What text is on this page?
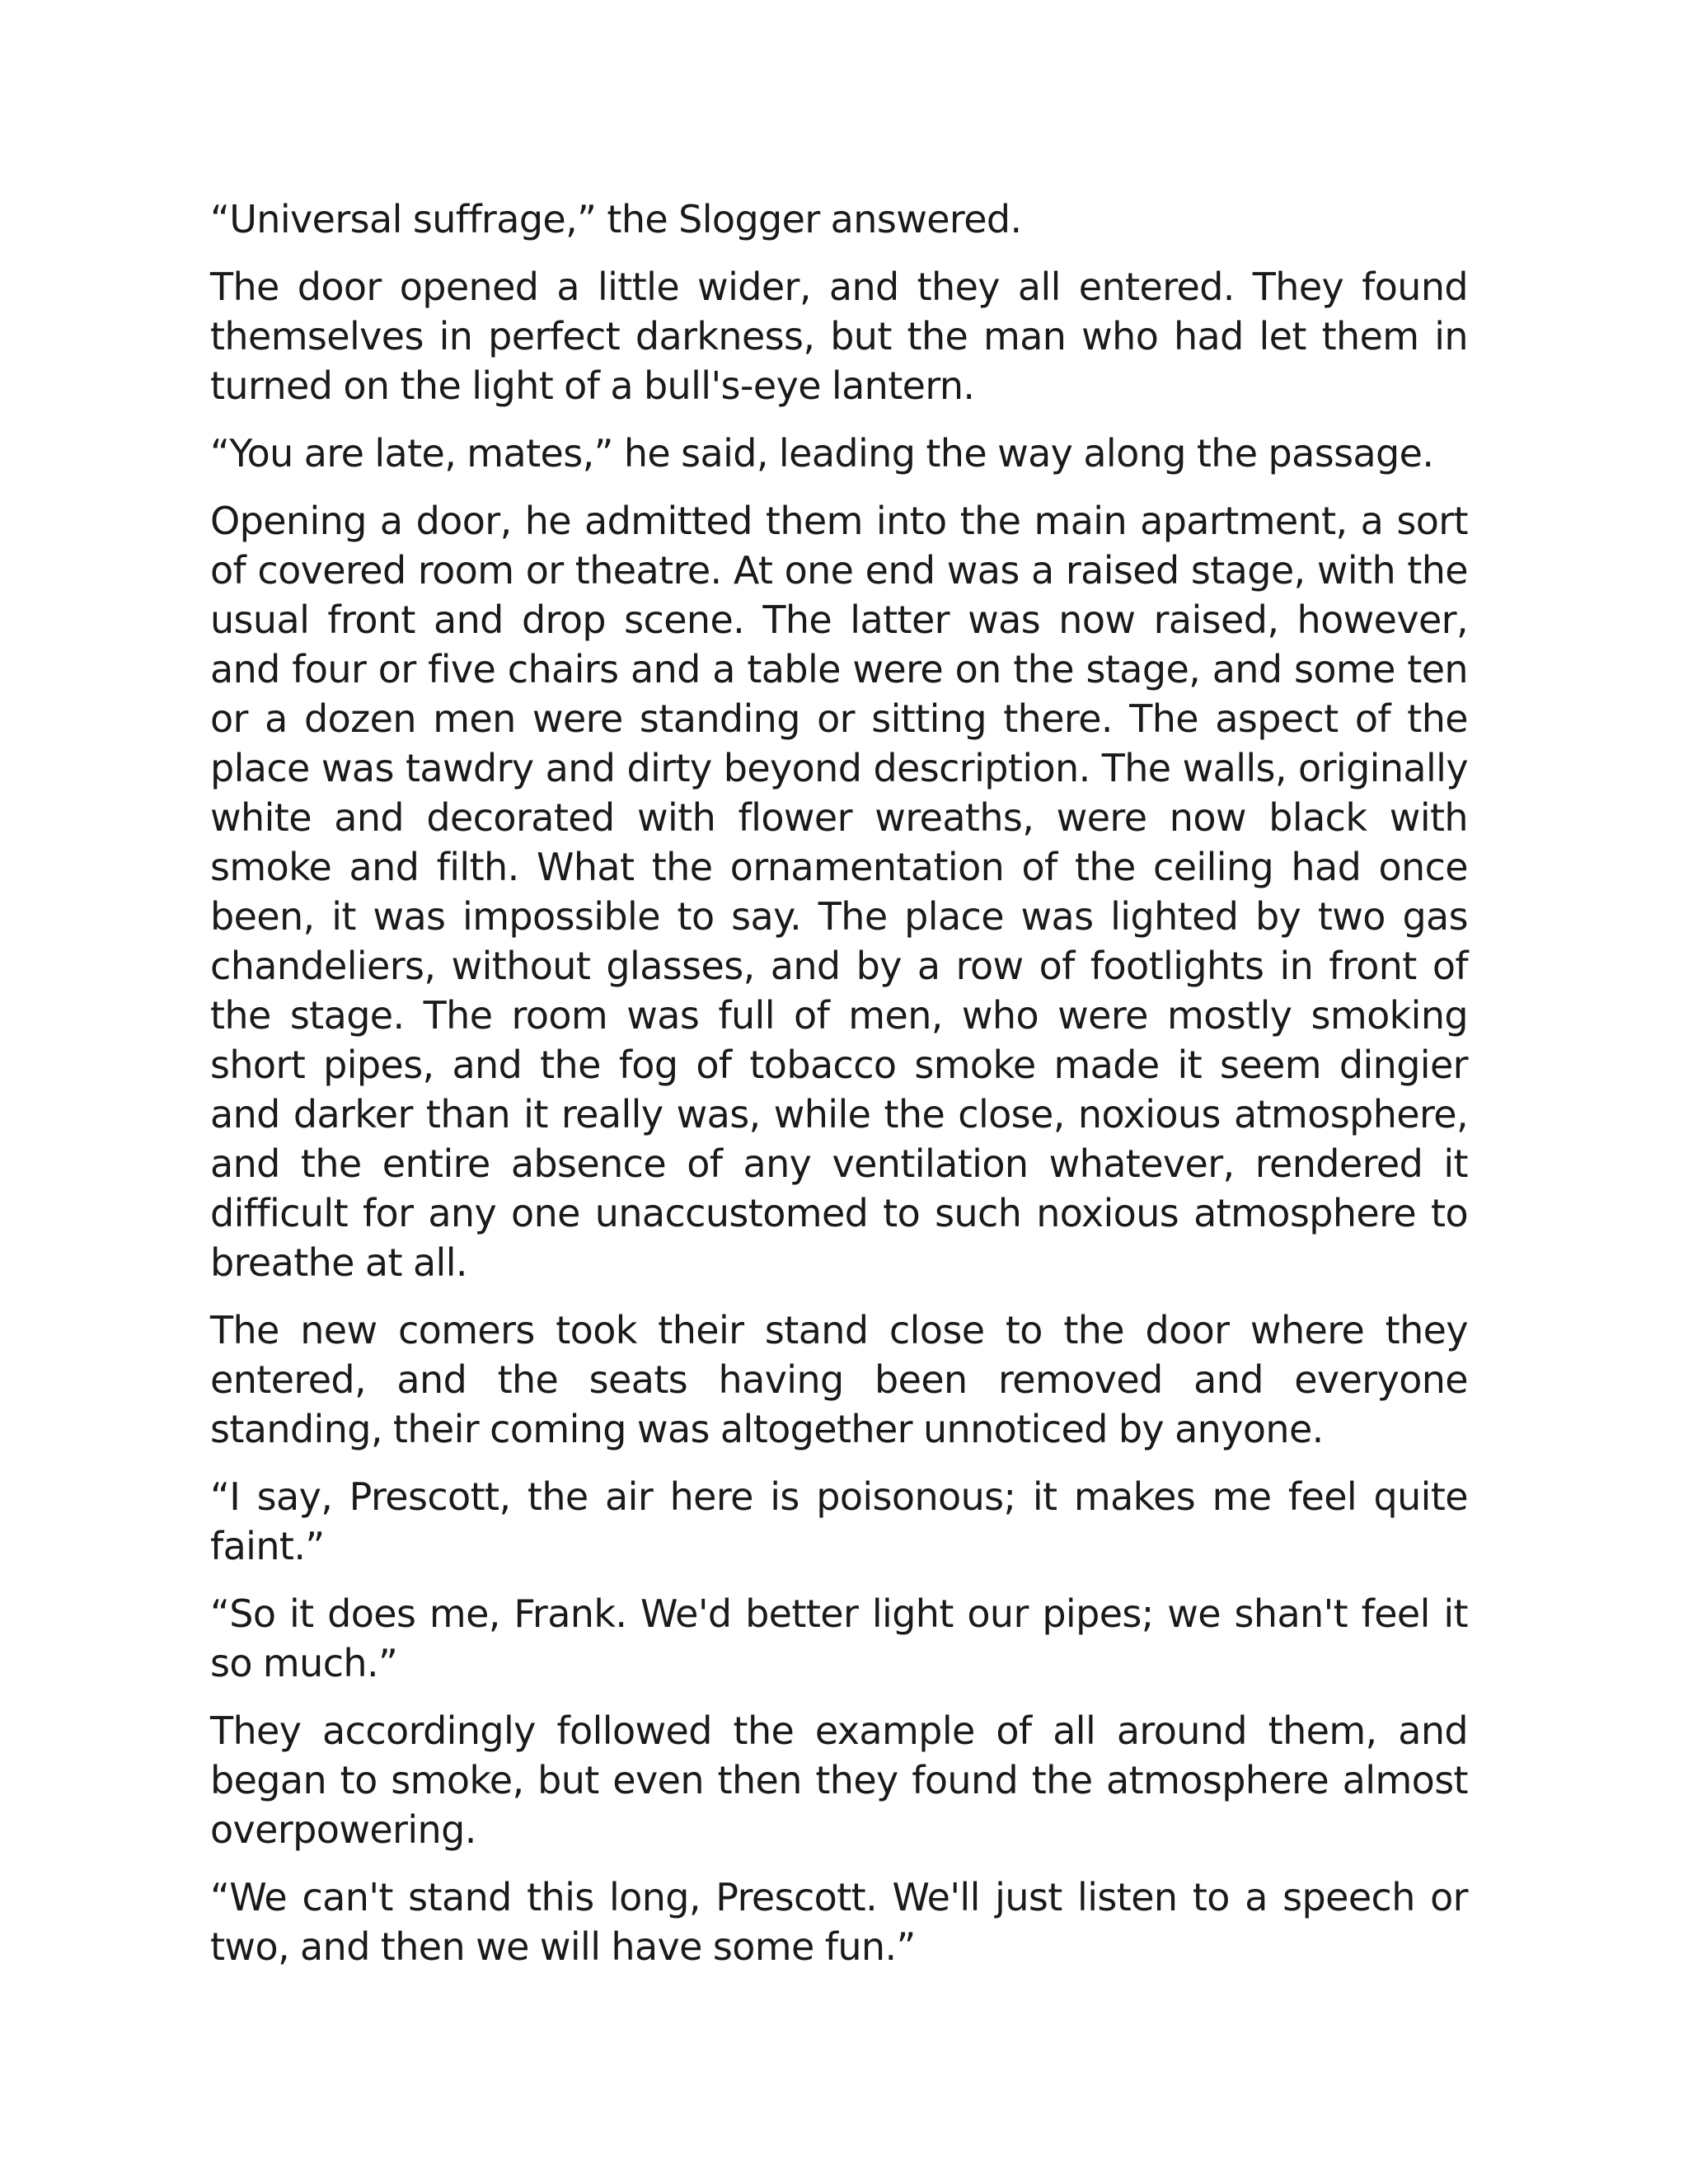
“Universal suffrage,” the Slogger answered.

The door opened a little wider, and they all entered. They found themselves in perfect darkness, but the man who had let them in turned on the light of a bull's-eye lantern.

“You are late, mates,” he said, leading the way along the passage.

Opening a door, he admitted them into the main apartment, a sort of covered room or theatre. At one end was a raised stage, with the usual front and drop scene. The latter was now raised, however, and four or five chairs and a table were on the stage, and some ten or a dozen men were standing or sitting there. The aspect of the place was tawdry and dirty beyond description. The walls, originally white and decorated with flower wreaths, were now black with smoke and filth. What the ornamentation of the ceiling had once been, it was impossible to say. The place was lighted by two gas chandeliers, without glasses, and by a row of footlights in front of the stage. The room was full of men, who were mostly smoking short pipes, and the fog of tobacco smoke made it seem dingier and darker than it really was, while the close, noxious atmosphere, and the entire absence of any ventilation whatever, rendered it difficult for any one unaccustomed to such noxious atmosphere to breathe at all.

The new comers took their stand close to the door where they entered, and the seats having been removed and everyone standing, their coming was altogether unnoticed by anyone.

“I say, Prescott, the air here is poisonous; it makes me feel quite faint.”

“So it does me, Frank. We'd better light our pipes; we shan't feel it so much.”

They accordingly followed the example of all around them, and began to smoke, but even then they found the atmosphere almost overpowering.

“We can't stand this long, Prescott. We'll just listen to a speech or two, and then we will have some fun.”
